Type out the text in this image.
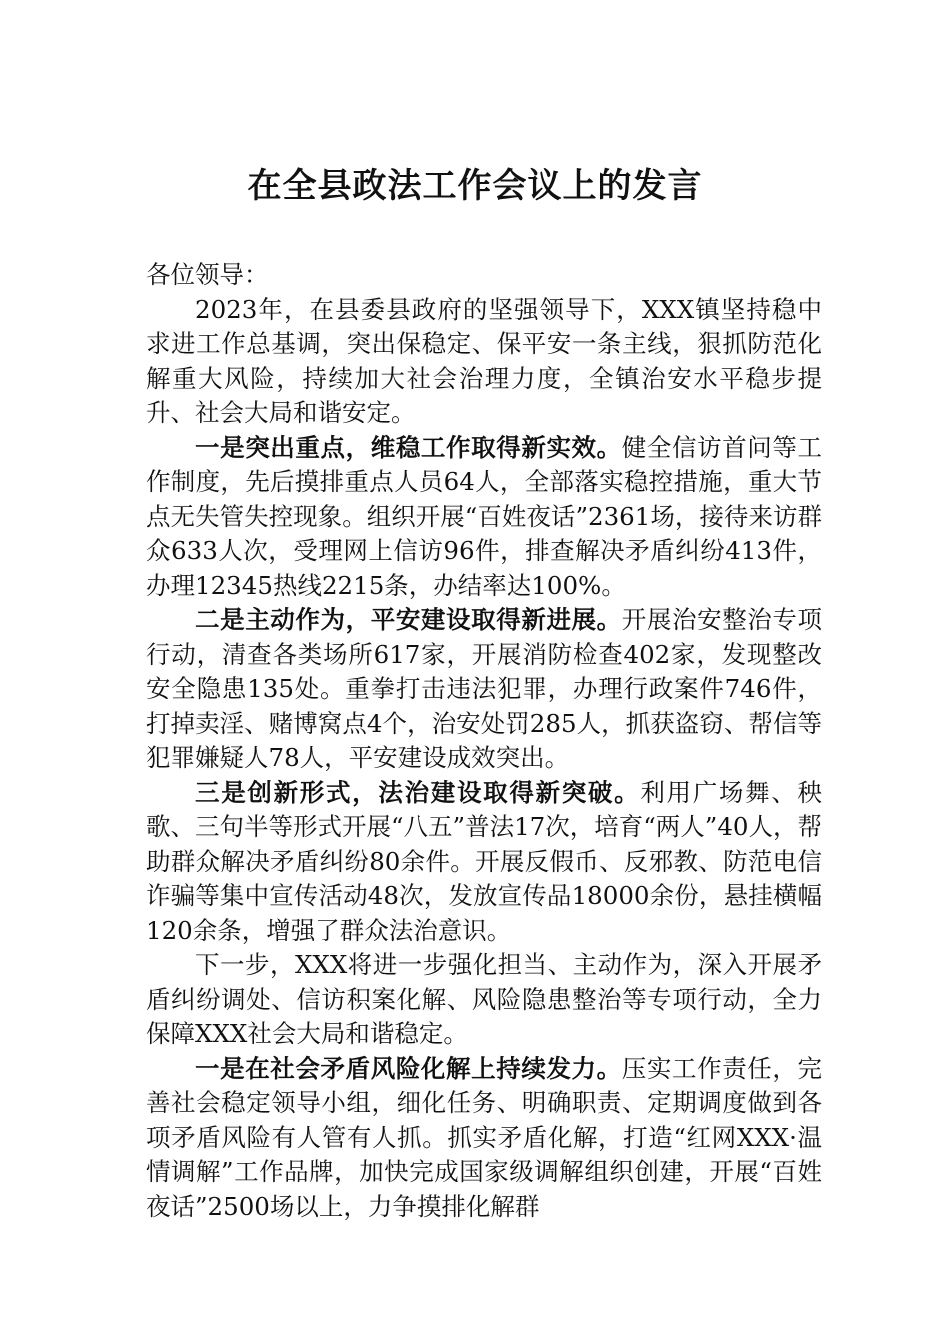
在全县政法工作会议上的发言

各位领导：

2023年，在县委县政府的坚强领导下，XXX镇坚持稳中求进工作总基调，突出保稳定、保平安一条主线，狠抓防范化解重大风险，持续加大社会治理力度，全镇治安水平稳步提升、社会大局和谐安定。

一是突出重点，维稳工作取得新实效。健全信访首问等工作制度，先后摸排重点人员64人，全部落实稳控措施，重大节点无失管失控现象。组织开展“百姓夜话”2361场，接待来访群众633人次，受理网上信访96件，排查解决矛盾纠纷413件，办理12345热线2215条，办结率达100%。

二是主动作为，平安建设取得新进展。开展治安整治专项行动，清查各类场所617家，开展消防检查402家，发现整改安全隐患135处。重拳打击违法犯罪，办理行政案件746件，打掉卖淫、赌博窝点4个，治安处罚285人，抓获盗窃、帮信等犯罪嫌疑人78人，平安建设成效突出。

三是创新形式，法治建设取得新突破。利用广场舞、秧歌、三句半等形式开展“八五”普法17次，培育“两人”40人，帮助群众解决矛盾纠纷80余件。开展反假币、反邪教、防范电信诈骗等集中宣传活动48次，发放宣传品18000余份，悬挂横幅120余条，增强了群众法治意识。

下一步，XXX将进一步强化担当、主动作为，深入开展矛盾纠纷调处、信访积案化解、风险隐患整治等专项行动，全力保障XXX社会大局和谐稳定。

一是在社会矛盾风险化解上持续发力。压实工作责任，完善社会稳定领导小组，细化任务、明确职责、定期调度做到各项矛盾风险有人管有人抓。抓实矛盾化解，打造“红网XXX·温情调解”工作品牌，加快完成国家级调解组织创建，开展“百姓夜话”2500场以上，力争摸排化解群
